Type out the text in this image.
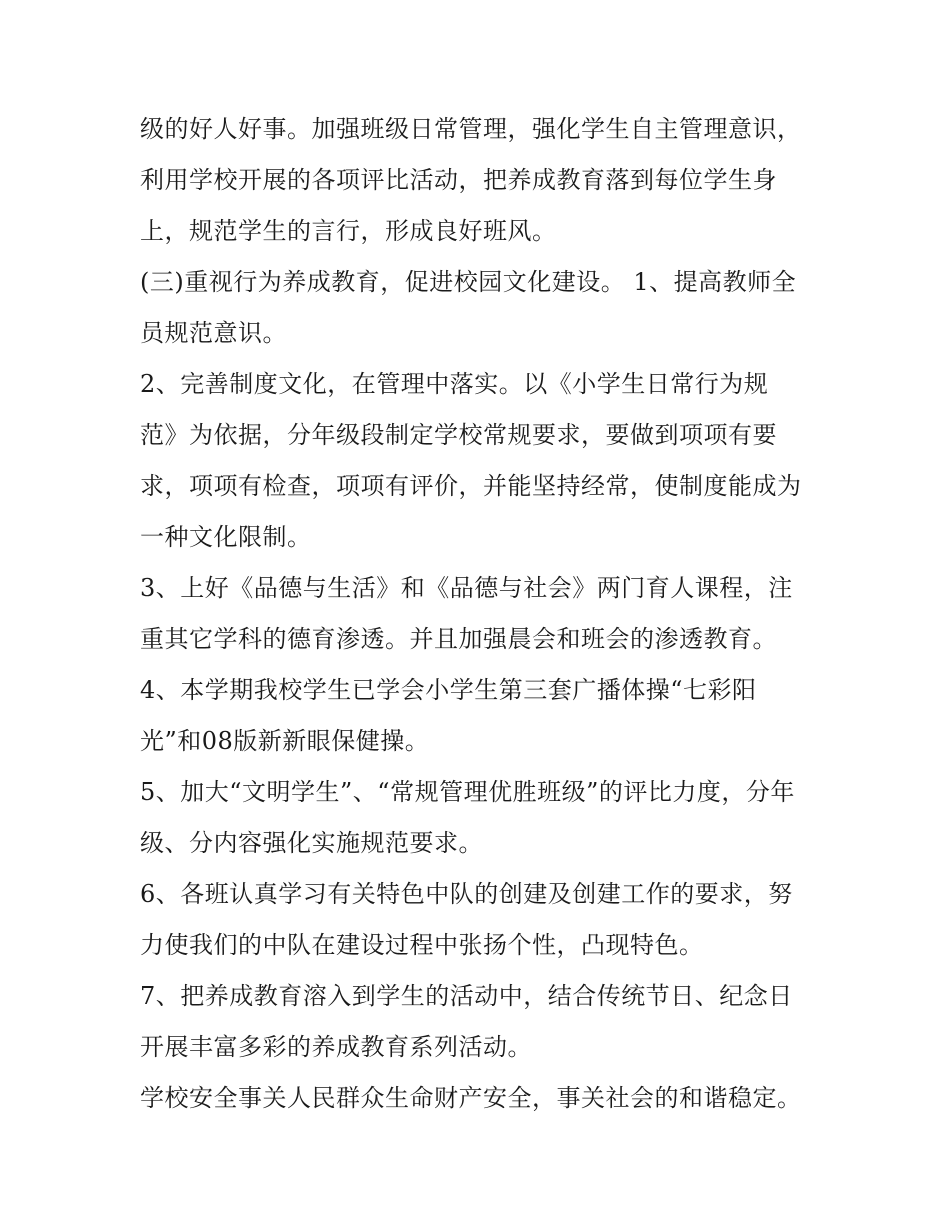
级的好人好事。加强班级日常管理，强化学生自主管理意识，
利用学校开展的各项评比活动，把养成教育落到每位学生身
上，规范学生的言行，形成良好班风。
(三)重视行为养成教育，促进校园文化建设。 1、提高教师全
员规范意识。
2、完善制度文化，在管理中落实。以《小学生日常行为规
范》为依据，分年级段制定学校常规要求，要做到项项有要
求，项项有检查，项项有评价，并能坚持经常，使制度能成为
一种文化限制。
3、上好《品德与生活》和《品德与社会》两门育人课程，注
重其它学科的德育渗透。并且加强晨会和班会的渗透教育。
4、本学期我校学生已学会小学生第三套广播体操“七彩阳
光”和08版新新眼保健操。
5、加大“文明学生”、“常规管理优胜班级”的评比力度，分年
级、分内容强化实施规范要求。
6、各班认真学习有关特色中队的创建及创建工作的要求，努
力使我们的中队在建设过程中张扬个性，凸现特色。
7、把养成教育溶入到学生的活动中，结合传统节日、纪念日
开展丰富多彩的养成教育系列活动。
学校安全事关人民群众生命财产安全，事关社会的和谐稳定。
